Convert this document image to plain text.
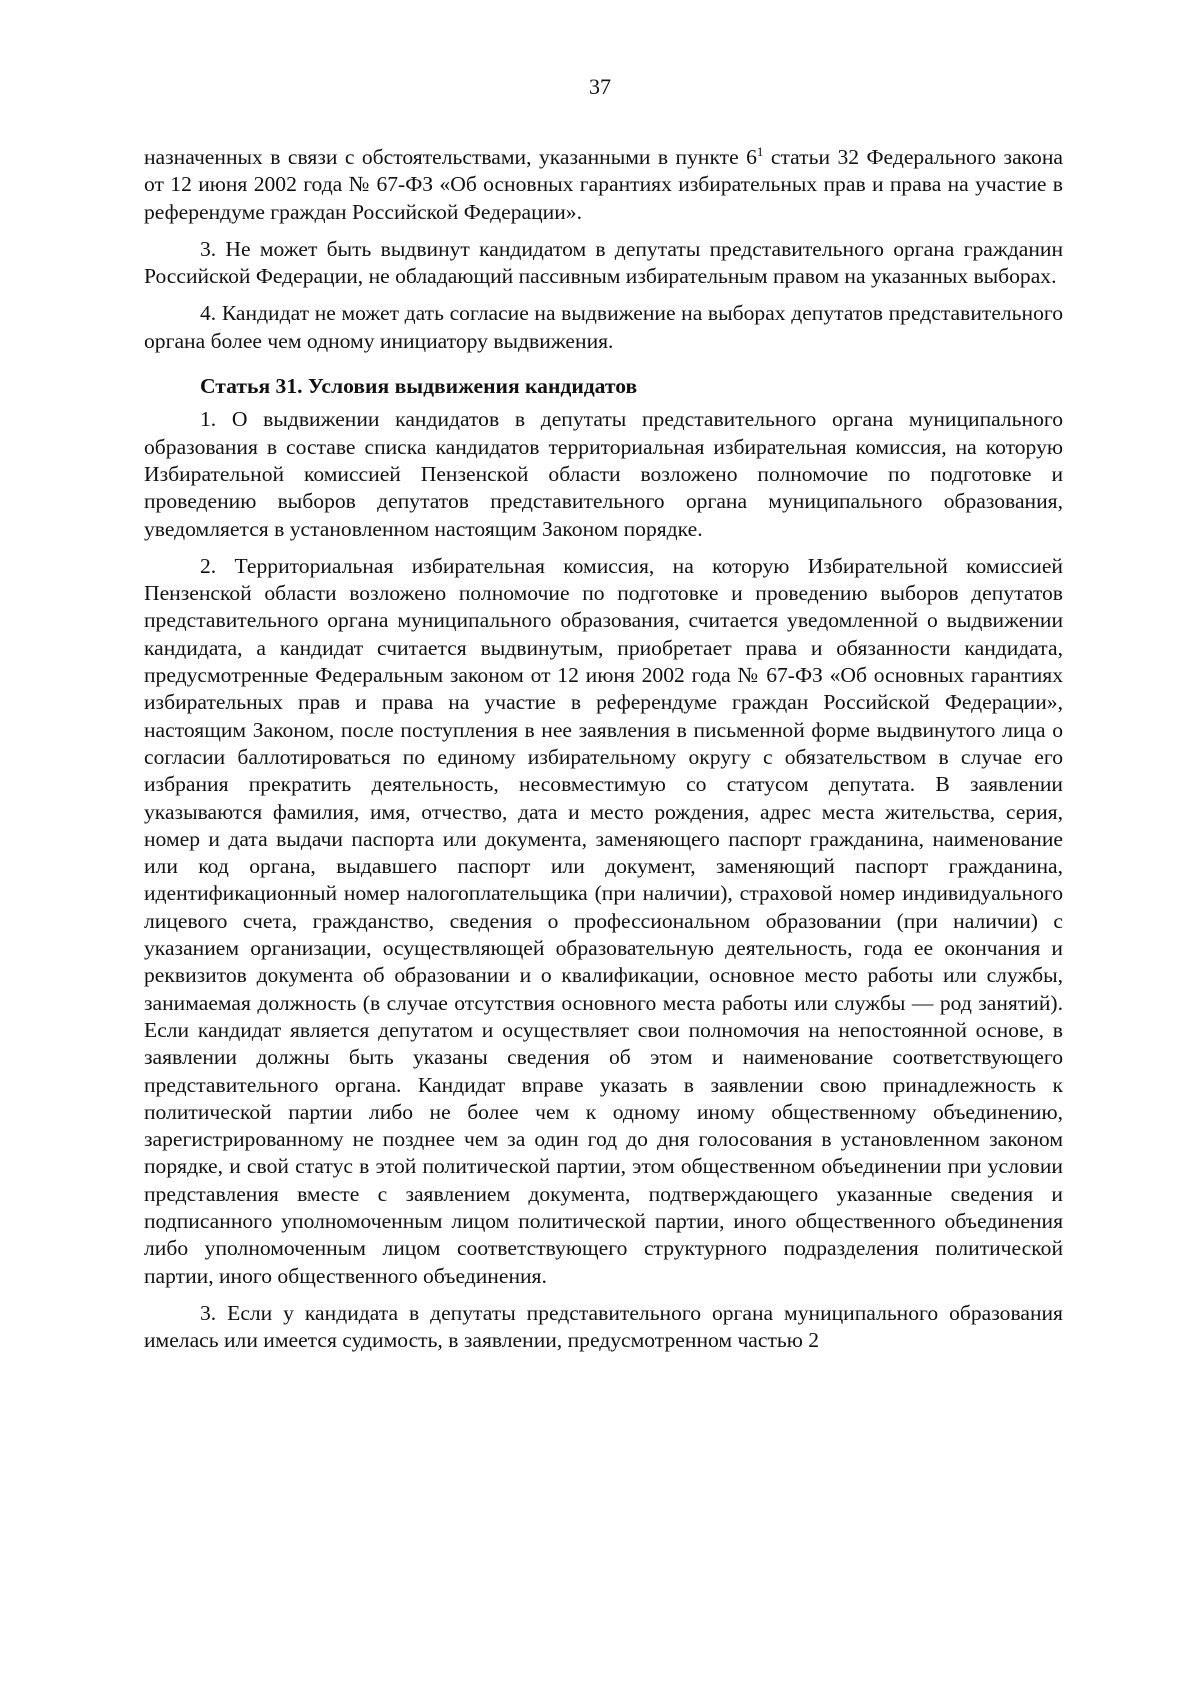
37

назначенных в связи с обстоятельствами, указанными в пункте $6^1$ статьи 32 Федерального закона от 12 июня 2002 года № 67-ФЗ «Об основных гарантиях избирательных прав и права на участие в референдуме граждан Российской Федерации».

3. Не может быть выдвинут кандидатом в депутаты представительного органа гражданин Российской Федерации, не обладающий пассивным избирательным правом на указанных выборах.

4. Кандидат не может дать согласие на выдвижение на выборах депутатов представительного органа более чем одному инициатору выдвижения.

Статья 31. Условия выдвижения кандидатов

1. О выдвижении кандидатов в депутаты представительного органа муниципального образования в составе списка кандидатов территориальная избирательная комиссия, на которую Избирательной комиссией Пензенской области возложено полномочие по подготовке и проведению выборов депутатов представительного органа муниципального образования, уведомляется в установленном настоящим Законом порядке.

2. Территориальная избирательная комиссия, на которую Избирательной комиссией Пензенской области возложено полномочие по подготовке и проведению выборов депутатов представительного органа муниципального образования, считается уведомленной о выдвижении кандидата, а кандидат считается выдвинутым, приобретает права и обязанности кандидата, предусмотренные Федеральным законом от 12 июня 2002 года № 67-ФЗ «Об основных гарантиях избирательных прав и права на участие в референдуме граждан Российской Федерации», настоящим Законом, после поступления в нее заявления в письменной форме выдвинутого лица о согласии баллотироваться по единому избирательному округу с обязательством в случае его избрания прекратить деятельность, несовместимую со статусом депутата. В заявлении указываются фамилия, имя, отчество, дата и место рождения, адрес места жительства, серия, номер и дата выдачи паспорта или документа, заменяющего паспорт гражданина, наименование или код органа, выдавшего паспорт или документ, заменяющий паспорт гражданина, идентификационный номер налогоплательщика (при наличии), страховой номер индивидуального лицевого счета, гражданство, сведения о профессиональном образовании (при наличии) с указанием организации, осуществляющей образовательную деятельность, года ее окончания и реквизитов документа об образовании и о квалификации, основное место работы или службы, занимаемая должность (в случае отсутствия основного места работы или службы — род занятий). Если кандидат является депутатом и осуществляет свои полномочия на непостоянной основе, в заявлении должны быть указаны сведения об этом и наименование соответствующего представительного органа. Кандидат вправе указать в заявлении свою принадлежность к политической партии либо не более чем к одному иному общественному объединению, зарегистрированному не позднее чем за один год до дня голосования в установленном законом порядке, и свой статус в этой политической партии, этом общественном объединении при условии представления вместе с заявлением документа, подтверждающего указанные сведения и подписанного уполномоченным лицом политической партии, иного общественного объединения либо уполномоченным лицом соответствующего структурного подразделения политической партии, иного общественного объединения.

3. Если у кандидата в депутаты представительного органа муниципального образования имелась или имеется судимость, в заявлении, предусмотренном частью 2
